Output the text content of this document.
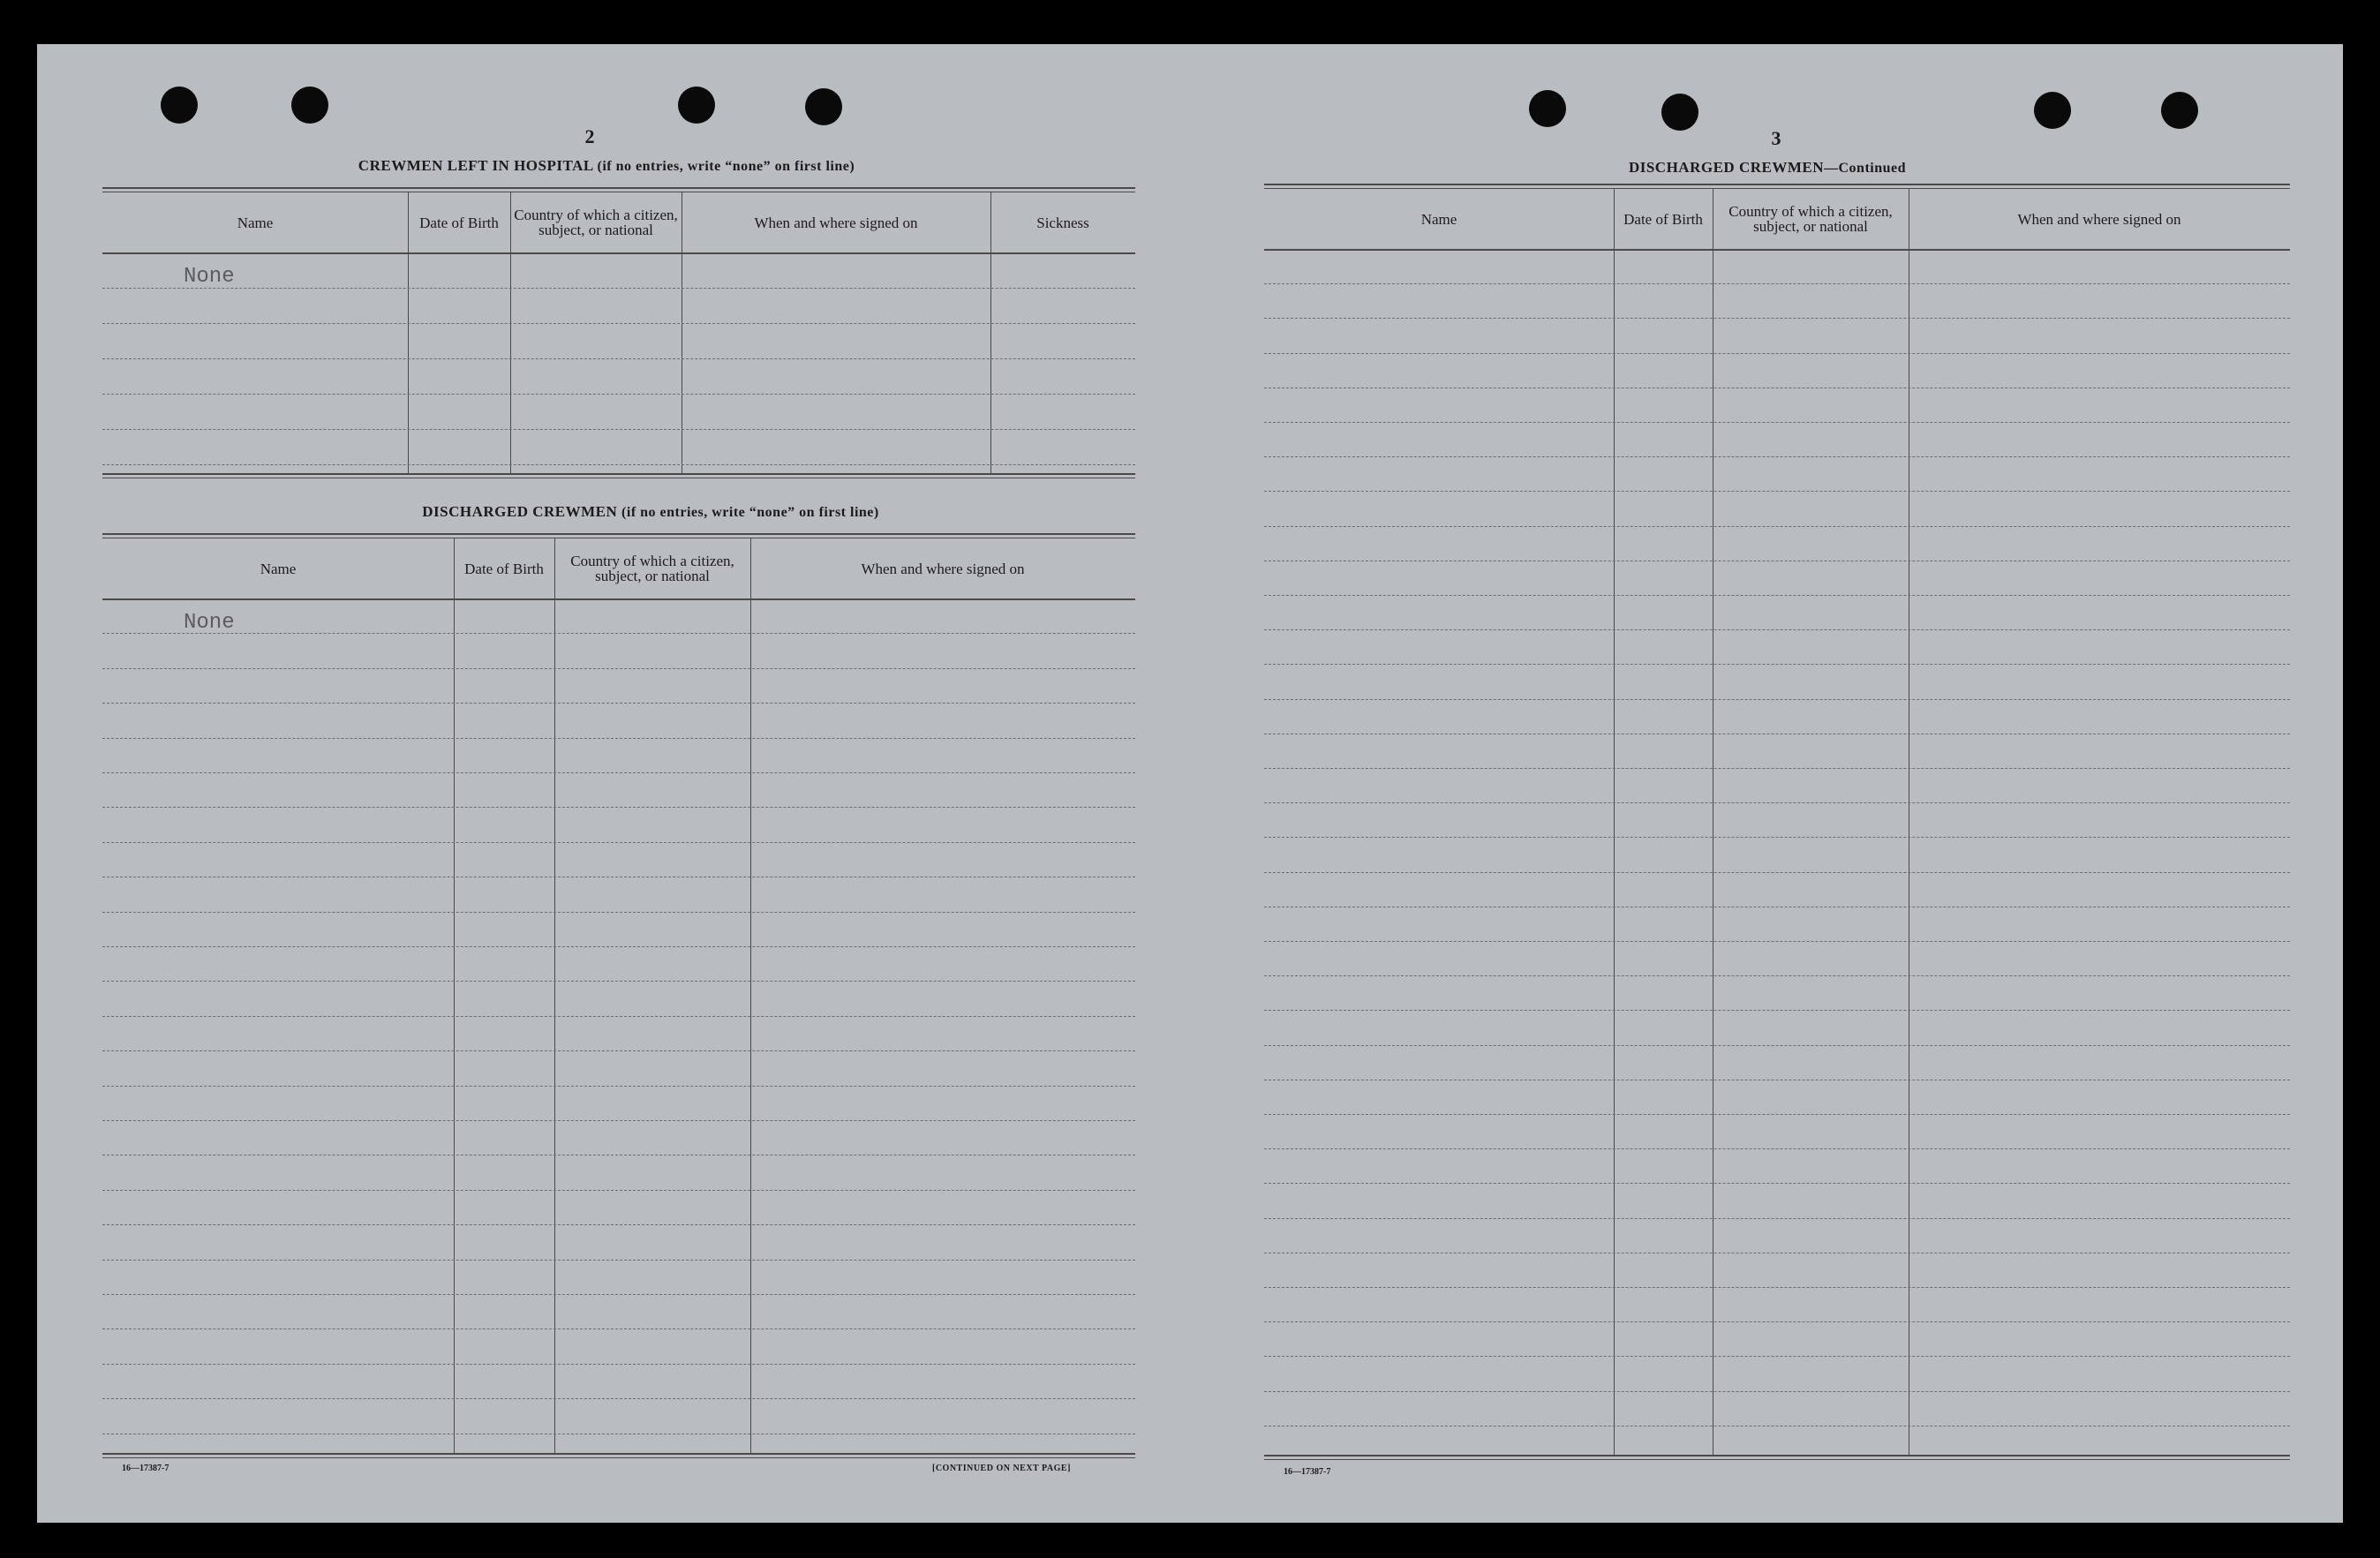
2
CREWMEN LEFT IN HOSPITAL (if no entries, write “none” on first line)
Name	Date of Birth	Country of which a citizen, subject, or national	When and where signed on	Sickness
None
DISCHARGED CREWMEN (if no entries, write “none” on first line)
Name	Date of Birth	Country of which a citizen, subject, or national	When and where signed on
None
16—17387-7	[CONTINUED ON NEXT PAGE]
3
DISCHARGED CREWMEN—Continued
Name	Date of Birth	Country of which a citizen, subject, or national	When and where signed on
16—17387-7
